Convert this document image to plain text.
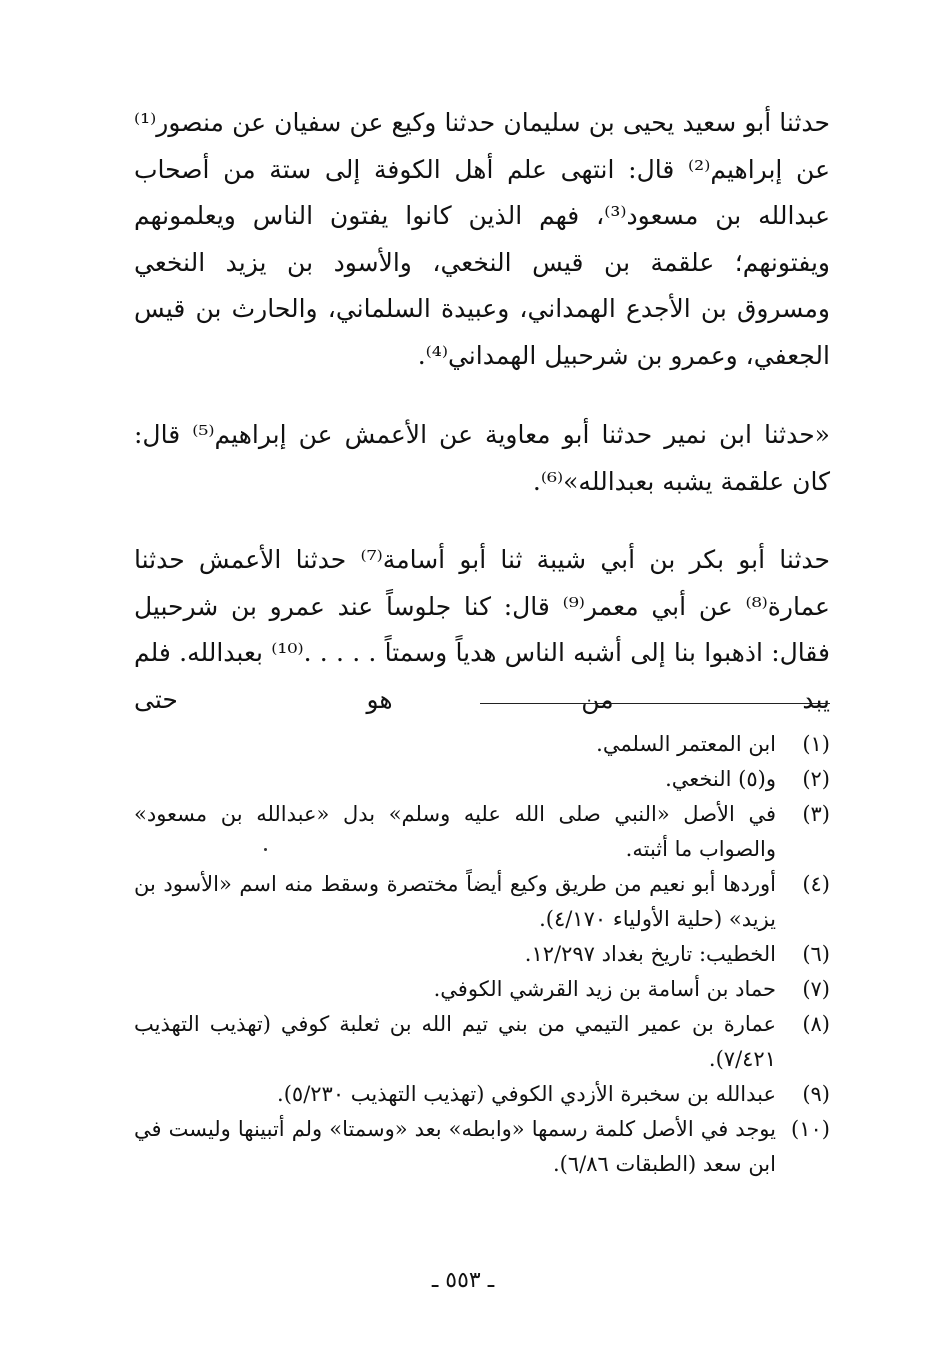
حدثنا أبو سعيد يحيى بن سليمان حدثنا وكيع عن سفيان عن منصور⁽¹⁾ عن إبراهيم⁽²⁾ قال: انتهى علم أهل الكوفة إلى ستة من أصحاب عبدالله بن مسعود⁽³⁾، فهم الذين كانوا يفتون الناس ويعلمونهم ويفتونهم؛ علقمة بن قيس النخعي، والأسود بن يزيد النخعي ومسروق بن الأجدع الهمداني، وعبيدة السلماني، والحارث بن قيس الجعفي، وعمرو بن شرحبيل الهمداني⁽⁴⁾.

«حدثنا ابن نمير حدثنا أبو معاوية عن الأعمش عن إبراهيم⁽⁵⁾ قال: كان علقمة يشبه بعبدالله»⁽⁶⁾.

حدثنا أبو بكر بن أبي شيبة ثنا أبو أسامة⁽⁷⁾ حدثنا الأعمش حدثنا عمارة⁽⁸⁾ عن أبي معمر⁽⁹⁾ قال: كنا جلوساً عند عمرو بن شرحبيل فقال: اذهبوا بنا إلى أشبه الناس هدياً وسمتاً . . . . .⁽¹⁰⁾ بعبدالله. فلم يبد من هو حتى

(١)
ابن المعتمر السلمي.
(٢)
و(٥) النخعي.
(٣)
في الأصل «النبي صلى الله عليه وسلم» بدل «عبدالله بن مسعود» والصواب ما أثبته.
(٤)
أوردها أبو نعيم من طريق وكيع أيضاً مختصرة وسقط منه اسم «الأسود بن يزيد» (حلية الأولياء ٤/١٧٠).
(٦)
الخطيب: تاريخ بغداد ١٢/٢٩٧.
(٧)
حماد بن أسامة بن زيد القرشي الكوفي.
(٨)
عمارة بن عمير التيمي من بني تيم الله بن ثعلبة كوفي (تهذيب التهذيب ٧/٤٢١).
(٩)
عبدالله بن سخبرة الأزدي الكوفي (تهذيب التهذيب ٥/٢٣٠).
(١٠)
يوجد في الأصل كلمة رسمها «وابطه» بعد «وسمتا» ولم أتبينها وليست في ابن سعد (الطبقات ٦/٨٦).
ـ ٥٥٣ ـ
